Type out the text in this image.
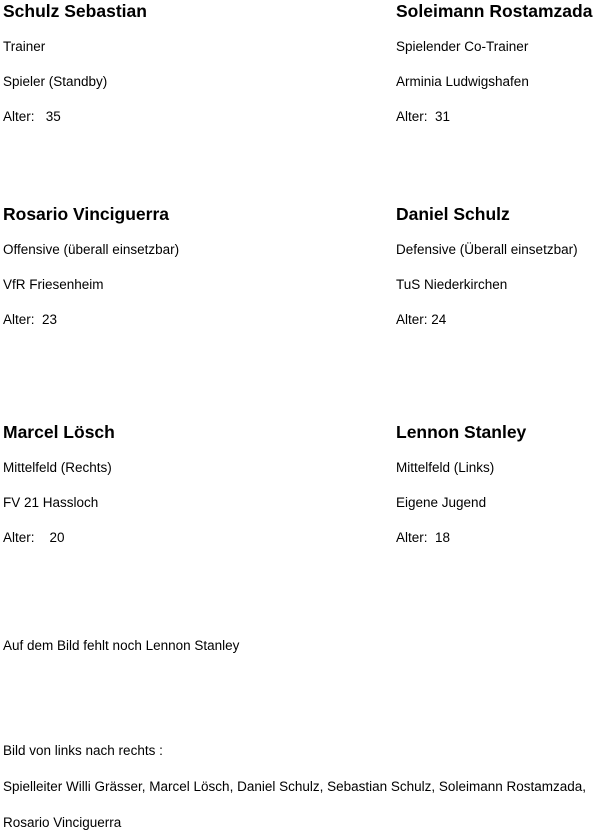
Schulz Sebastian

Trainer

Spieler (Standby)

Alter:   35

Soleimann Rostamzada

Spielender Co-Trainer

Arminia Ludwigshafen

Alter:  31

Rosario Vinciguerra

Offensive (überall einsetzbar)

VfR Friesenheim

Alter:  23

Daniel Schulz

Defensive (Überall einsetzbar)

TuS Niederkirchen

Alter: 24

Marcel Lösch

Mittelfeld (Rechts)

FV 21 Hassloch

Alter:    20

Lennon Stanley

Mittelfeld (Links)

Eigene Jugend

Alter:  18

Auf dem Bild fehlt noch Lennon Stanley

Bild von links nach rechts :

Spielleiter Willi Grässer, Marcel Lösch, Daniel Schulz, Sebastian Schulz, Soleimann Rostamzada,

Rosario Vinciguerra
